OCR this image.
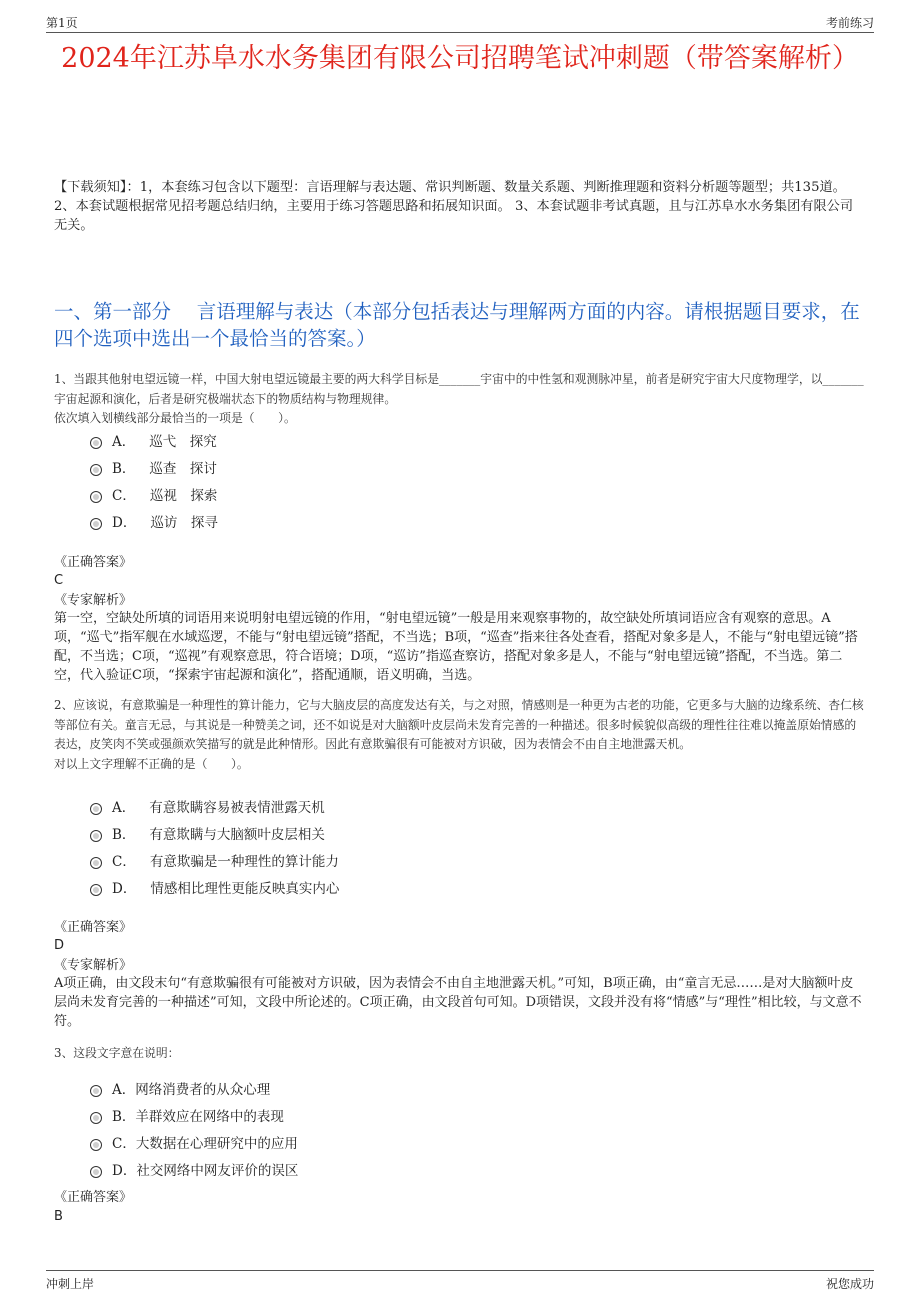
第1页	考前练习
2024年江苏阜水水务集团有限公司招聘笔试冲刺题（带答案解析）
【下载须知】：1，本套练习包含以下题型：言语理解与表达题、常识判断题、数量关系题、判断推理题和资料分析题等题型；共135道。 2、本套试题根据常见招考题总结归纳，主要用于练习答题思路和拓展知识面。 3、本套试题非考试真题，且与江苏阜水水务集团有限公司无关。
一、第一部分　 言语理解与表达（本部分包括表达与理解两方面的内容。请根据题目要求，在四个选项中选出一个最恰当的答案。）
1、当跟其他射电望远镜一样，中国大射电望远镜最主要的两大科学目标是_______宇宙中的中性氢和观测脉冲星，前者是研究宇宙大尺度物理学，以_______宇宙起源和演化，后者是研究极端状态下的物质结构与物理规律。
依次填入划横线部分最恰当的一项是（　　）。
A． 巡弋　探究
B． 巡查　探讨
C． 巡视　探索
D． 巡访　探寻
《正确答案》
C
《专家解析》
第一空，空缺处所填的词语用来说明射电望远镜的作用，“射电望远镜”一般是用来观察事物的，故空缺处所填词语应含有观察的意思。A项，“巡弋”指军舰在水域巡逻，不能与“射电望远镜”搭配，不当选；B项，“巡查”指来往各处查看，搭配对象多是人，不能与“射电望远镜”搭配，不当选；C项，“巡视”有观察意思，符合语境；D项，“巡访”指巡查察访，搭配对象多是人，不能与“射电望远镜”搭配，不当选。第二空，代入验证C项，“探索宇宙起源和演化”，搭配通顺，语义明确，当选。
2、应该说，有意欺骗是一种理性的算计能力，它与大脑皮层的高度发达有关，与之对照，情感则是一种更为古老的功能，它更多与大脑的边缘系统、杏仁核等部位有关。童言无忌，与其说是一种赞美之词，还不如说是对大脑额叶皮层尚未发育完善的一种描述。很多时候貌似高级的理性往往难以掩盖原始情感的表达，皮笑肉不笑或强颜欢笑描写的就是此种情形。因此有意欺骗很有可能被对方识破，因为表情会不由自主地泄露天机。
对以上文字理解不正确的是（　　）。
A． 有意欺瞒容易被表情泄露天机
B． 有意欺瞒与大脑额叶皮层相关
C． 有意欺骗是一种理性的算计能力
D． 情感相比理性更能反映真实内心
《正确答案》
D
《专家解析》
A项正确，由文段末句“有意欺骗很有可能被对方识破，因为表情会不由自主地泄露天机。”可知，B项正确，由“童言无忌……是对大脑额叶皮层尚未发育完善的一种描述”可知，文段中所论述的。C项正确，由文段首句可知。D项错误，文段并没有将“情感”与“理性”相比较，与文意不符。
3、这段文字意在说明：
A． 网络消费者的从众心理
B． 羊群效应在网络中的表现
C． 大数据在心理研究中的应用
D． 社交网络中网友评价的误区
《正确答案》
B
冲刺上岸	祝您成功
